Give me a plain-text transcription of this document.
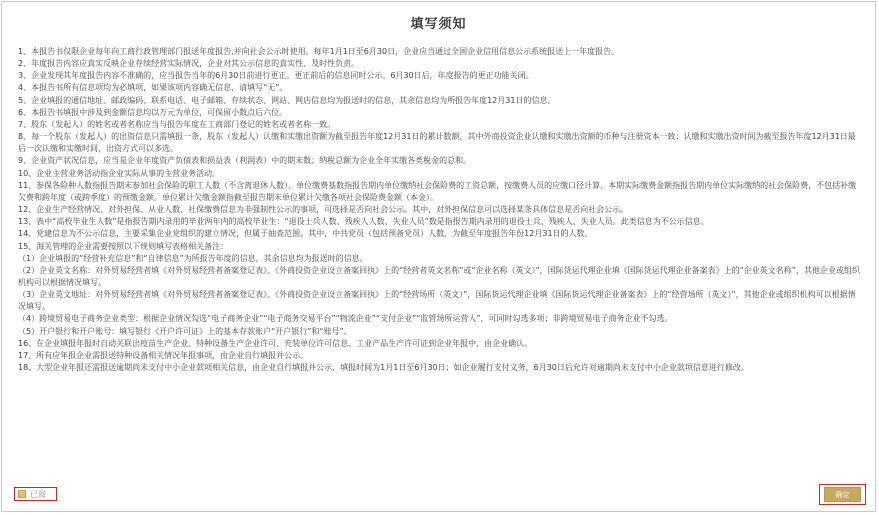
填写须知

1、本报告书仅限企业每年向工商行政管理部门报送年度报告,并向社会公示时使用。每年1月1日至6月30日，企业应当通过全国企业信用信息公示系统报送上一年度报告。

2、年度报告内容应真实反映企业存续经营实际情况，企业对其公示信息的真实性、及时性负责。

3、企业发现其年度报告内容不准确的，应当报告当年的6月30日前进行更正。更正前后的信息同时公示。6月30日后，年度报告的更正功能关闭。

4、本报告书所有信息项均为必填项，如果该项内容确无信息，请填写“无”。

5、企业填报的通信地址、邮政编码、联系电话、电子邮箱、存续状态、网站、网店信息均为报送时的信息，其余信息均为所报告年度12月31日的信息。

6、本报告书填报中涉及到金额信息均以万元为单位，可保留小数点后六位。

7、股东（发起人）的姓名或者名称应当与报告年度在工商部门登记的姓名或者名称一致。

8、每一个股东（发起人）的出资信息只需填报一条，股东（发起人）认缴和实缴出资额为截至报告年度12月31日的累计数额，其中外商投资企业认缴和实缴出资额的币种与注册资本一致；认缴和实缴出资时间为截至报告年度12月31日最后一次认缴和实缴时间，出资方式可以多选。

9、企业资产状况信息，应当是企业年度资产负债表和损益表（利润表）中的期末数；纳税总额为企业全年实缴各类税金的总和。

10、企业主营业务活动指企业实际从事的主营业务活动。

11、参保各险种人数指报告期末参加社会保险的职工人数（不含离退休人数）。单位缴费基数指报告期内单位缴纳社会保险费的工资总额，按缴费人员的应缴口径计算。本期实际缴费金额指报告期内单位实际缴纳的社会保险费，不包括补缴欠费和跨年度（或跨季度）的预缴金额。单位累计欠缴金额指截至报告期末单位累计欠缴各项社会保险费金额（本金）。

12、企业生产经营情况、对外担保、从业人数、社保缴费信息为非强制性公示的事项，可选择是否向社会公示。其中，对外担保信息可以选择某条具体信息是否向社会公示。

13、表中“高校毕业生人数”是指报告期内录用的毕业两年内的高校毕业生：“退役士兵人数、残疾人人数、失业人员”数是指报告期内录用的退役士兵、残疾人、失业人员。此类信息为不公示信息。

14、党建信息为不公示信息，主要采集企业党组织的建立情况，但属于抽查范围。其中，中共党员（包括预备党员）人数，为截至年度报告年份12月31日的人数。

15、海关管理的企业需要按照以下规则填写表格相关备注：

（1）企业填报的“经营补充信息”和“自律信息”为所报告年度的信息，其余信息均为报送时的信息。

（2）企业英文名称：对外贸易经营者填《对外贸易经营者备案登记表》、《外商投资企业设立备案回执》上的“经营者英文名称”或“企业名称（英文）”，国际货运代理企业填《国际货运代理企业备案表》上的“企业英文名称”，其他企业或组织机构可以根据情况填写。

（3）企业英文地址：对外贸易经营者填《对外贸易经营者备案登记表》、《外商投资企业设立备案回执》上的“经营场所（英文）”，国际货运代理企业填《国际货运代理企业备案表》上的“经营场所（英文）”，其他企业或组织机构可以根据情况填写。

（4）跨境贸易电子商务企业类型：根据企业情况勾选“电子商务企业”“电子商务交易平台”“物流企业”“支付企业”“监管场所运营人”，可同时勾选多项；非跨境贸易电子商务企业不勾选。

（5）开户银行和开户账号：填写银行《开户许可证》上的基本存款账户“开户银行”和“账号”。

16、在企业填报年报时自动关联出疫苗生产企业、特种设备生产企业许可、充装单位许可信息、工业产品生产许可证到企业年报中，由企业确认。

17、所有应年报企业需报送特种设备相关情况年报事项，由企业自行填报并公示。

18、大型企业年报还需报送逾期尚未支付中小企业款项相关信息，由企业自行填报并公示，填报时间为1月1日至6月30日；如企业履行支付义务，6月30日后允许对逾期尚未支付中小企业款项信息进行修改。

已阅	确定
